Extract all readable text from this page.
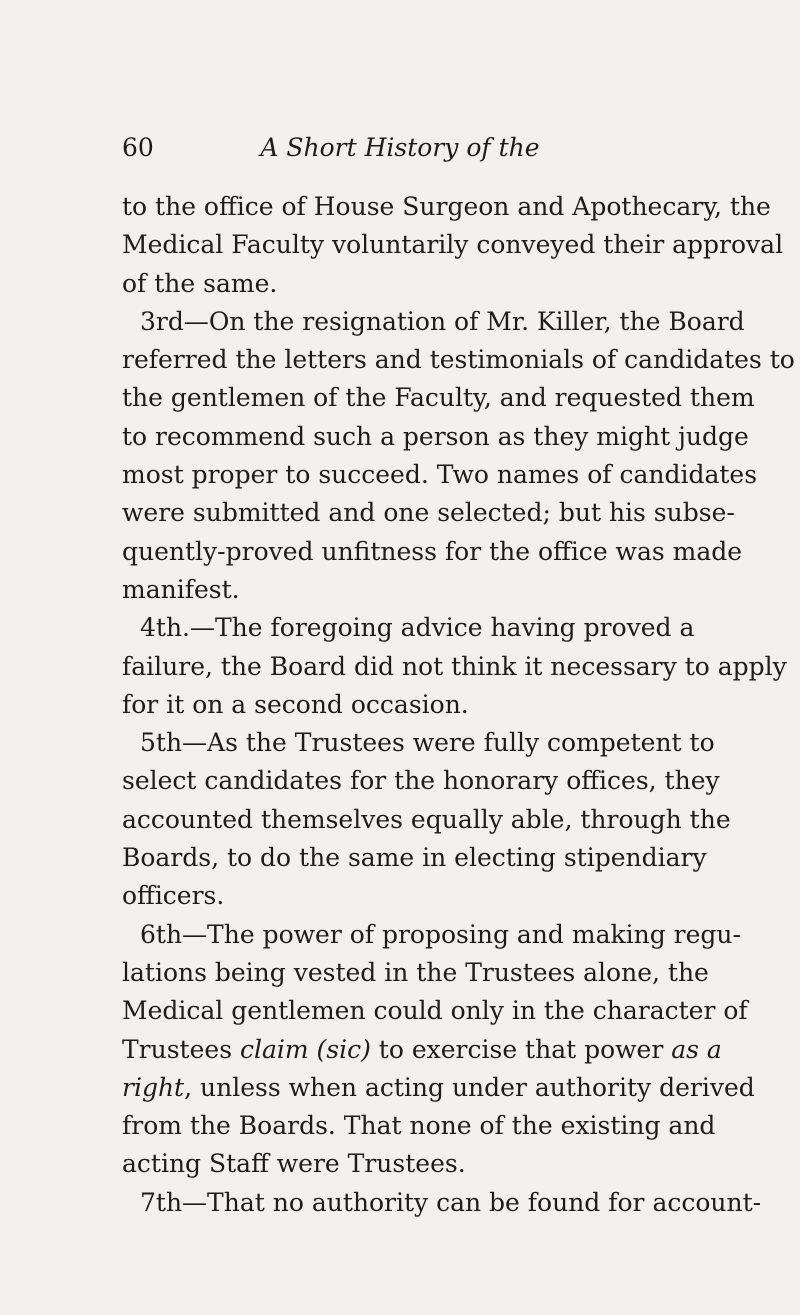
60	A Short History of the
to the office of House Surgeon and Apothecary, the
Medical Faculty voluntarily conveyed their approval
of the same.
3rd—On the resignation of Mr. Killer, the Board
referred the letters and testimonials of candidates to
the gentlemen of the Faculty, and requested them
to recommend such a person as they might judge
most proper to succeed. Two names of candidates
were submitted and one selected; but his subse-
quently-proved unfitness for the office was made
manifest.
4th.—The foregoing advice having proved a
failure, the Board did not think it necessary to apply
for it on a second occasion.
5th—As the Trustees were fully competent to
select candidates for the honorary offices, they
accounted themselves equally able, through the
Boards, to do the same in electing stipendiary
officers.
6th—The power of proposing and making regu-
lations being vested in the Trustees alone, the
Medical gentlemen could only in the character of
Trustees claim (sic) to exercise that power as a
right, unless when acting under authority derived
from the Boards. That none of the existing and
acting Staff were Trustees.
7th—That no authority can be found for account-
